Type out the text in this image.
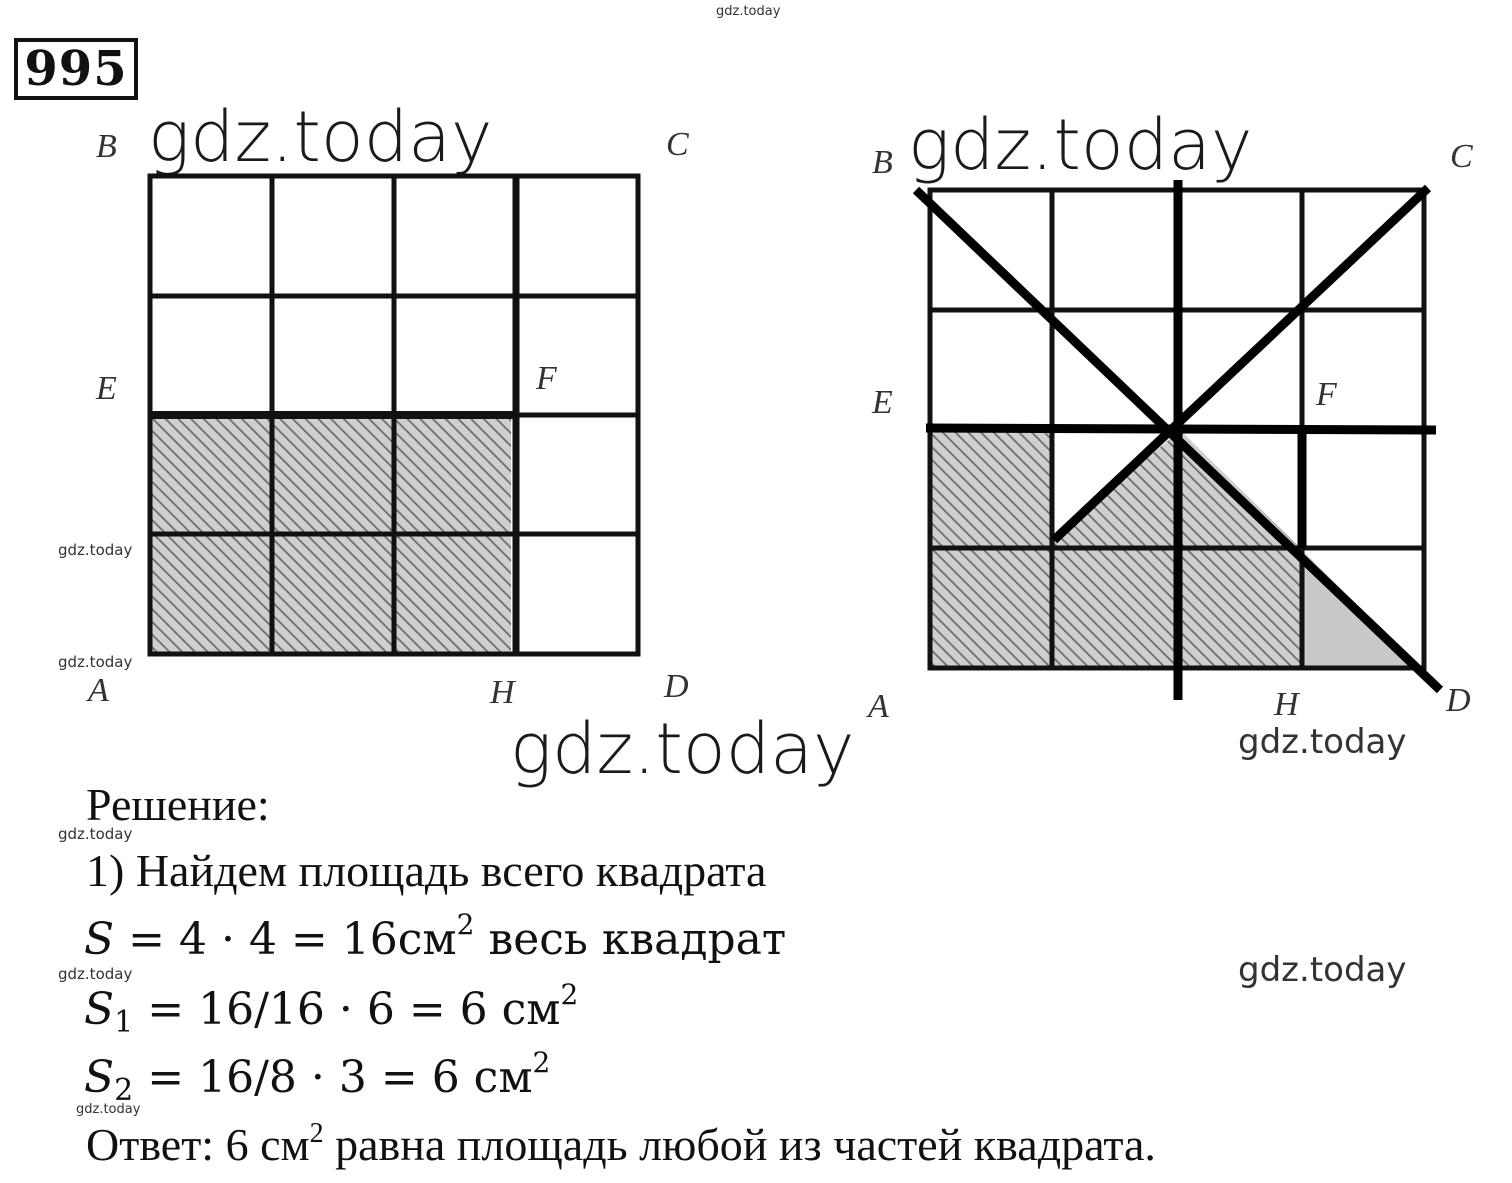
gdz.today
gdz.today	gdz.today
gdz.today
gdz.today
gdz.today
gdz.today
gdz.today
gdz.today
gdz.today
gdz.today
995
B	C
E	F
A	H	D
B	C
E	F
A	H	D
Решение:
1) Найдем площадь всего квадрата
$S = 4 \cdot 4 = 16см^2$ весь квадрат
$S_1 = 16/16 \cdot 6 = 6$ $см^2$
$S_2 = 16/8 \cdot 3 = 6$ $см^2$
Ответ: 6 $см^2$ равна площадь любой из частей квадрата.
